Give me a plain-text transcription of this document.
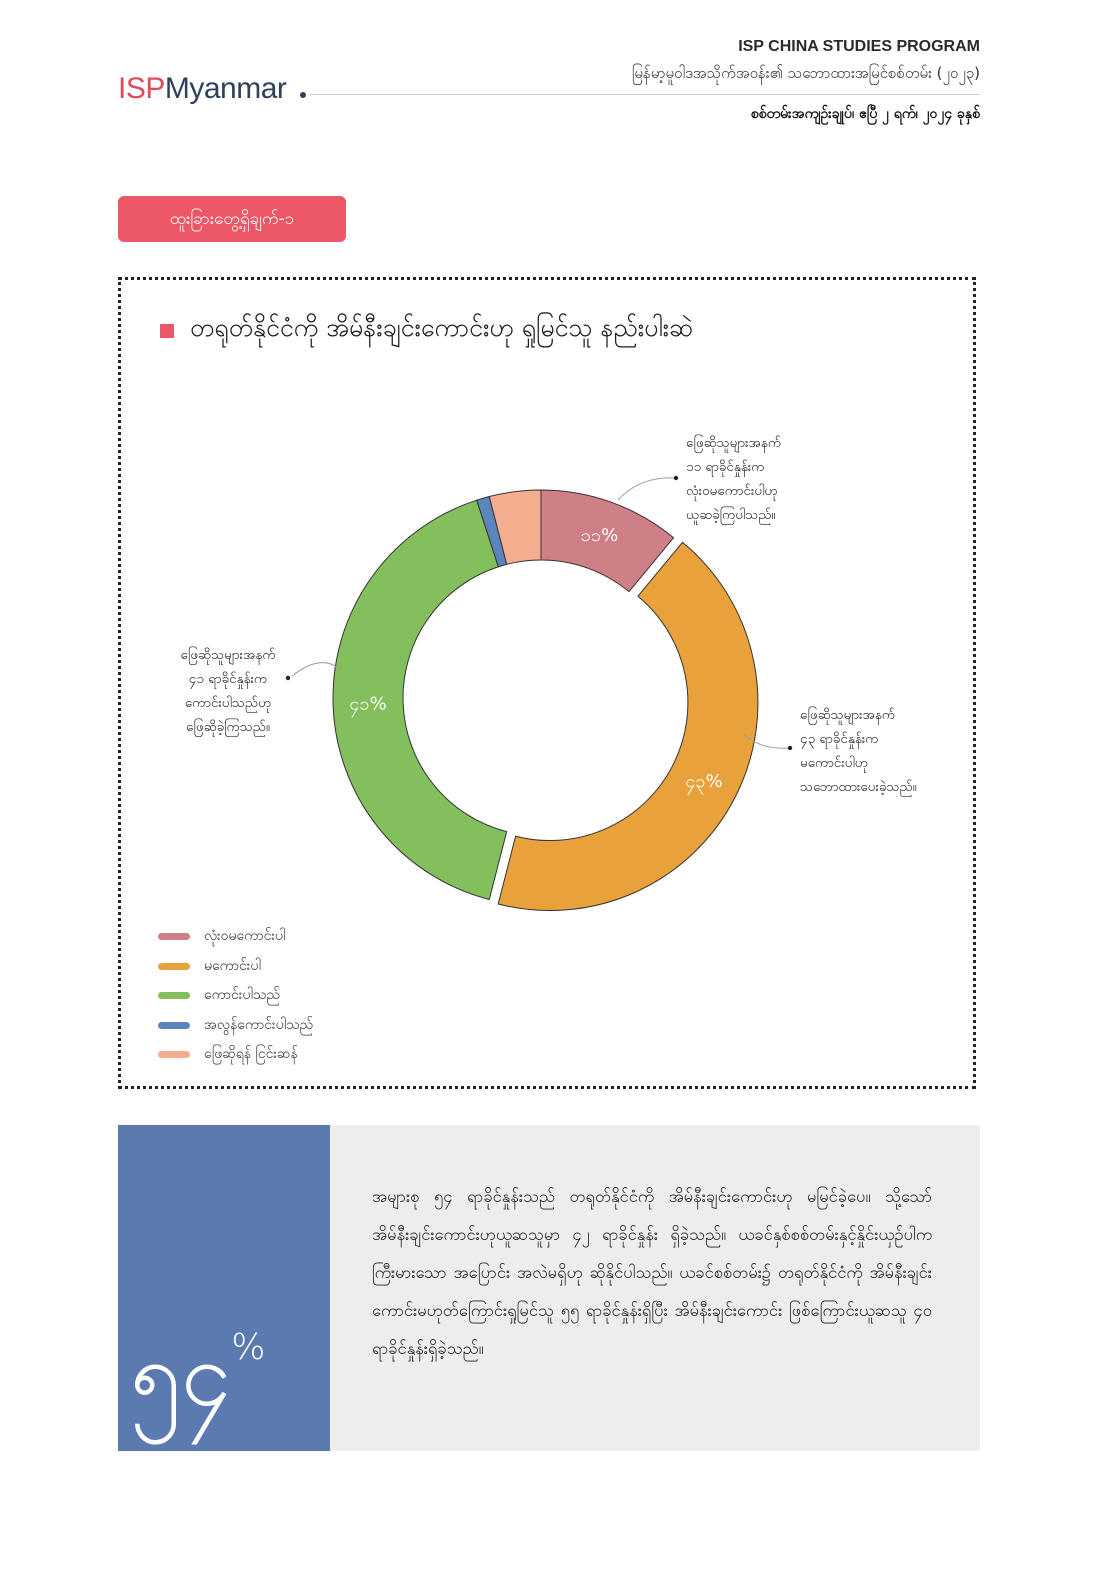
ISPMyanmar
ISP CHINA STUDIES PROGRAM
မြန်မာ့မူဝါဒအသိုက်အဝန်း၏ သဘောထားအမြင်စစ်တမ်း (၂၀၂၃)
စစ်တမ်းအကျဉ်းချုပ်၊ ဧပြီ ၂ ရက်၊ ၂၀၂၄ ခုနှစ်
ထူးခြားတွေ့ရှိချက်-၁
တရုတ်နိုင်ငံကို အိမ်နီးချင်းကောင်းဟု ရှုမြင်သူ နည်းပါးဆဲ
၁၁%
၄၃%
၄၁%
ဖြေဆိုသူများအနက်
၁၁ ရာခိုင်နှုန်းက
လုံးဝမကောင်းပါဟု
ယူဆခဲ့ကြပါသည်။
ဖြေဆိုသူများအနက်
၄၃ ရာခိုင်နှုန်းက
မကောင်းပါဟု
သဘောထားပေးခဲ့သည်။
ဖြေဆိုသူများအနက်
၄၁ ရာခိုင်နှုန်းက
ကောင်းပါသည်ဟု
ဖြေဆိုခဲ့ကြသည်။
လုံးဝမကောင်းပါ
မကောင်းပါ
ကောင်းပါသည်
အလွန်ကောင်းပါသည်
ဖြေဆိုရန် ငြင်းဆန်
၅၄%
အများစု ၅၄ ရာခိုင်နှုန်းသည် တရုတ်နိုင်ငံကို အိမ်နီးချင်းကောင်းဟု မမြင်ခဲ့ပေ။ သို့သော် အိမ်နီးချင်းကောင်းဟုယူဆသူမှာ ၄၂ ရာခိုင်နှုန်း ရှိခဲ့သည်။ ယခင်နှစ်စစ်တမ်းနှင့်နှိုင်းယှဉ်ပါက ကြီးမားသော အပြောင်း အလဲမရှိဟု ဆိုနိုင်ပါသည်။ ယခင်စစ်တမ်း၌ တရုတ်နိုင်ငံကို အိမ်နီးချင်း ကောင်းမဟုတ်ကြောင်းရှုမြင်သူ ၅၅ ရာခိုင်နှုန်းရှိပြီး အိမ်နီးချင်းကောင်း ဖြစ်ကြောင်းယူဆသူ ၄၀ ရာခိုင်နှုန်းရှိခဲ့သည်။
